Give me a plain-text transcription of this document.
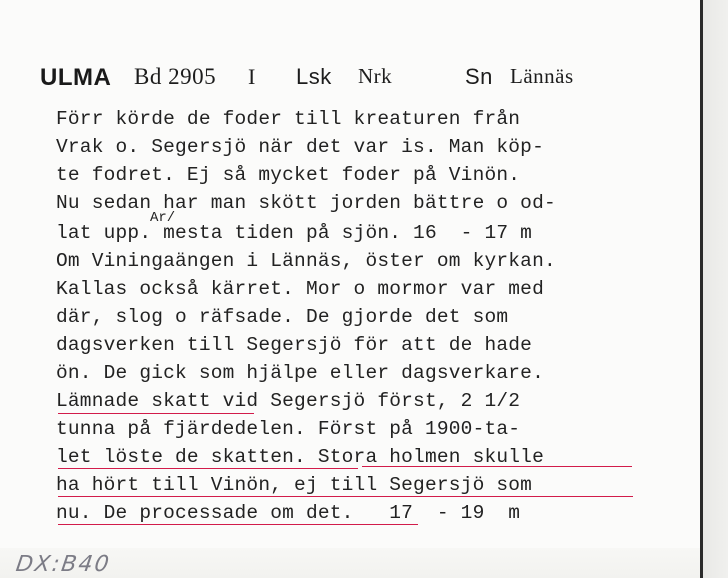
ULMA Bd 2905 I Lsk Nrk	Sn Lännäs
Förr körde de foder till kreaturen från
Vrak o. Segersjö när det var is. Man köp-
te fodret. Ej så mycket foder på Vinön.
Nu sedan har man skött jorden bättre o od-
lat upp. mesta tiden på sjön. 16  - 17 m
Om Viningaängen i Lännäs, öster om kyrkan.
Kallas också kärret. Mor o mormor var med
där, slog o räfsade. De gjorde det som
dagsverken till Segersjö för att de hade
ön. De gick som hjälpe eller dagsverkare.
Lämnade skatt vid Segersjö först, 2 1/2
tunna på fjärdedelen. Först på 1900-ta-
let löste de skatten. Stora holmen skulle
ha hört till Vinön, ej till Segersjö som
nu. De processade om det.   17  - 19  m
Ar/
DX:B40
